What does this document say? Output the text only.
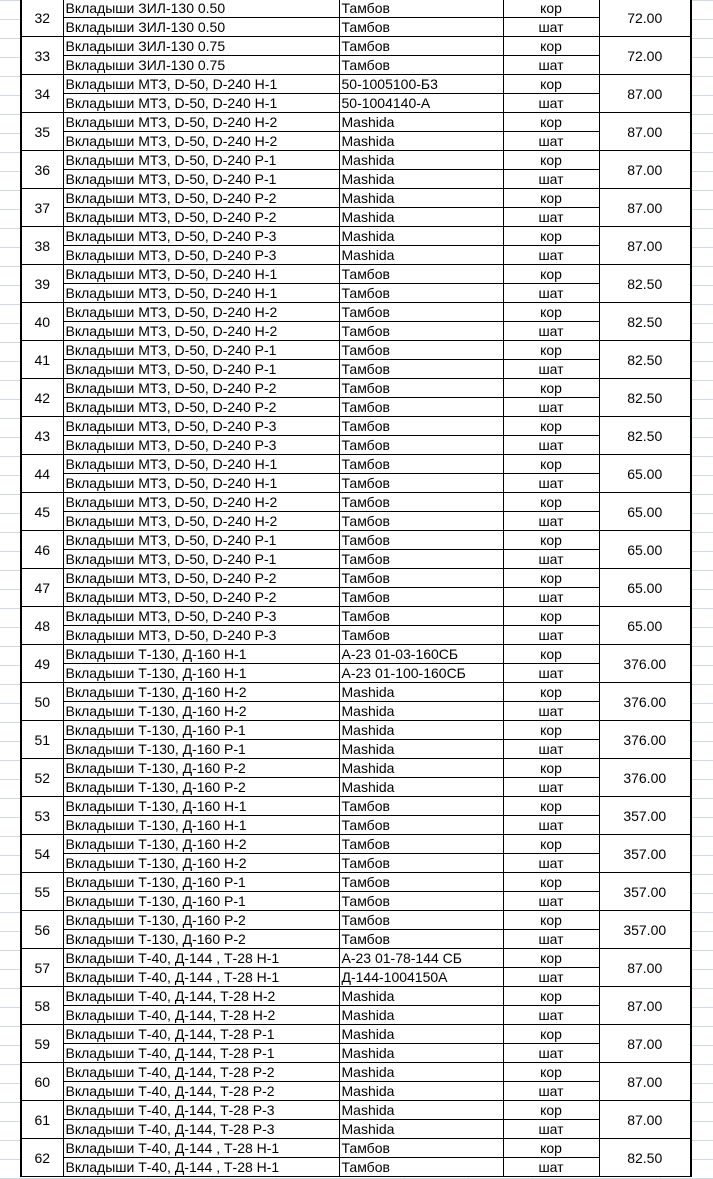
32	Вкладыши ЗИЛ-130 0.50	Тамбов	кор	72.00
	Вкладыши ЗИЛ-130 0.50	Тамбов	шат	
33	Вкладыши ЗИЛ-130 0.75	Тамбов	кор	72.00
	Вкладыши ЗИЛ-130 0.75	Тамбов	шат	
34	Вкладыши МТЗ, D-50, D-240 Н-1	50-1005100-Б3	кор	87.00
	Вкладыши МТЗ, D-50, D-240 Н-1	50-1004140-А	шат	
35	Вкладыши МТЗ, D-50, D-240 Н-2	Mashida	кор	87.00
	Вкладыши МТЗ, D-50, D-240 Н-2	Mashida	шат	
36	Вкладыши МТЗ, D-50, D-240 Р-1	Mashida	кор	87.00
	Вкладыши МТЗ, D-50, D-240 Р-1	Mashida	шат	
37	Вкладыши МТЗ, D-50, D-240 Р-2	Mashida	кор	87.00
	Вкладыши МТЗ, D-50, D-240 Р-2	Mashida	шат	
38	Вкладыши МТЗ, D-50, D-240 Р-3	Mashida	кор	87.00
	Вкладыши МТЗ, D-50, D-240 Р-3	Mashida	шат	
39	Вкладыши МТЗ, D-50, D-240 Н-1	Тамбов	кор	82.50
	Вкладыши МТЗ, D-50, D-240 Н-1	Тамбов	шат	
40	Вкладыши МТЗ, D-50, D-240 Н-2	Тамбов	кор	82.50
	Вкладыши МТЗ, D-50, D-240 Н-2	Тамбов	шат	
41	Вкладыши МТЗ, D-50, D-240 Р-1	Тамбов	кор	82.50
	Вкладыши МТЗ, D-50, D-240 Р-1	Тамбов	шат	
42	Вкладыши МТЗ, D-50, D-240 Р-2	Тамбов	кор	82.50
	Вкладыши МТЗ, D-50, D-240 Р-2	Тамбов	шат	
43	Вкладыши МТЗ, D-50, D-240 Р-3	Тамбов	кор	82.50
	Вкладыши МТЗ, D-50, D-240 Р-3	Тамбов	шат	
44	Вкладыши МТЗ, D-50, D-240 Н-1	Тамбов	кор	65.00
	Вкладыши МТЗ, D-50, D-240 Н-1	Тамбов	шат	
45	Вкладыши МТЗ, D-50, D-240 Н-2	Тамбов	кор	65.00
	Вкладыши МТЗ, D-50, D-240 Н-2	Тамбов	шат	
46	Вкладыши МТЗ, D-50, D-240 Р-1	Тамбов	кор	65.00
	Вкладыши МТЗ, D-50, D-240 Р-1	Тамбов	шат	
47	Вкладыши МТЗ, D-50, D-240 Р-2	Тамбов	кор	65.00
	Вкладыши МТЗ, D-50, D-240 Р-2	Тамбов	шат	
48	Вкладыши МТЗ, D-50, D-240 Р-3	Тамбов	кор	65.00
	Вкладыши МТЗ, D-50, D-240 Р-3	Тамбов	шат	
49	Вкладыши Т-130, Д-160 Н-1	А-23 01-03-160СБ	кор	376.00
	Вкладыши Т-130, Д-160 Н-1	А-23 01-100-160СБ	шат	
50	Вкладыши Т-130, Д-160 Н-2	Mashida	кор	376.00
	Вкладыши Т-130, Д-160 Н-2	Mashida	шат	
51	Вкладыши Т-130, Д-160 Р-1	Mashida	кор	376.00
	Вкладыши Т-130, Д-160 Р-1	Mashida	шат	
52	Вкладыши Т-130, Д-160 Р-2	Mashida	кор	376.00
	Вкладыши Т-130, Д-160 Р-2	Mashida	шат	
53	Вкладыши Т-130, Д-160 Н-1	Тамбов	кор	357.00
	Вкладыши Т-130, Д-160 Н-1	Тамбов	шат	
54	Вкладыши Т-130, Д-160 Н-2	Тамбов	кор	357.00
	Вкладыши Т-130, Д-160 Н-2	Тамбов	шат	
55	Вкладыши Т-130, Д-160 Р-1	Тамбов	кор	357.00
	Вкладыши Т-130, Д-160 Р-1	Тамбов	шат	
56	Вкладыши Т-130, Д-160 Р-2	Тамбов	кор	357.00
	Вкладыши Т-130, Д-160 Р-2	Тамбов	шат	
57	Вкладыши Т-40, Д-144 , Т-28 Н-1	А-23 01-78-144 СБ	кор	87.00
	Вкладыши Т-40, Д-144 , Т-28 Н-1	Д-144-1004150А	шат	
58	Вкладыши Т-40, Д-144, Т-28 Н-2	Mashida	кор	87.00
	Вкладыши Т-40, Д-144, Т-28 Н-2	Mashida	шат	
59	Вкладыши Т-40, Д-144, Т-28 Р-1	Mashida	кор	87.00
	Вкладыши Т-40, Д-144, Т-28 Р-1	Mashida	шат	
60	Вкладыши Т-40, Д-144, Т-28 Р-2	Mashida	кор	87.00
	Вкладыши Т-40, Д-144, Т-28 Р-2	Mashida	шат	
61	Вкладыши Т-40, Д-144, Т-28 Р-3	Mashida	кор	87.00
	Вкладыши Т-40, Д-144, Т-28 Р-3	Mashida	шат	
62	Вкладыши Т-40, Д-144 , Т-28 Н-1	Тамбов	кор	82.50
	Вкладыши Т-40, Д-144 , Т-28 Н-1	Тамбов	шат	
